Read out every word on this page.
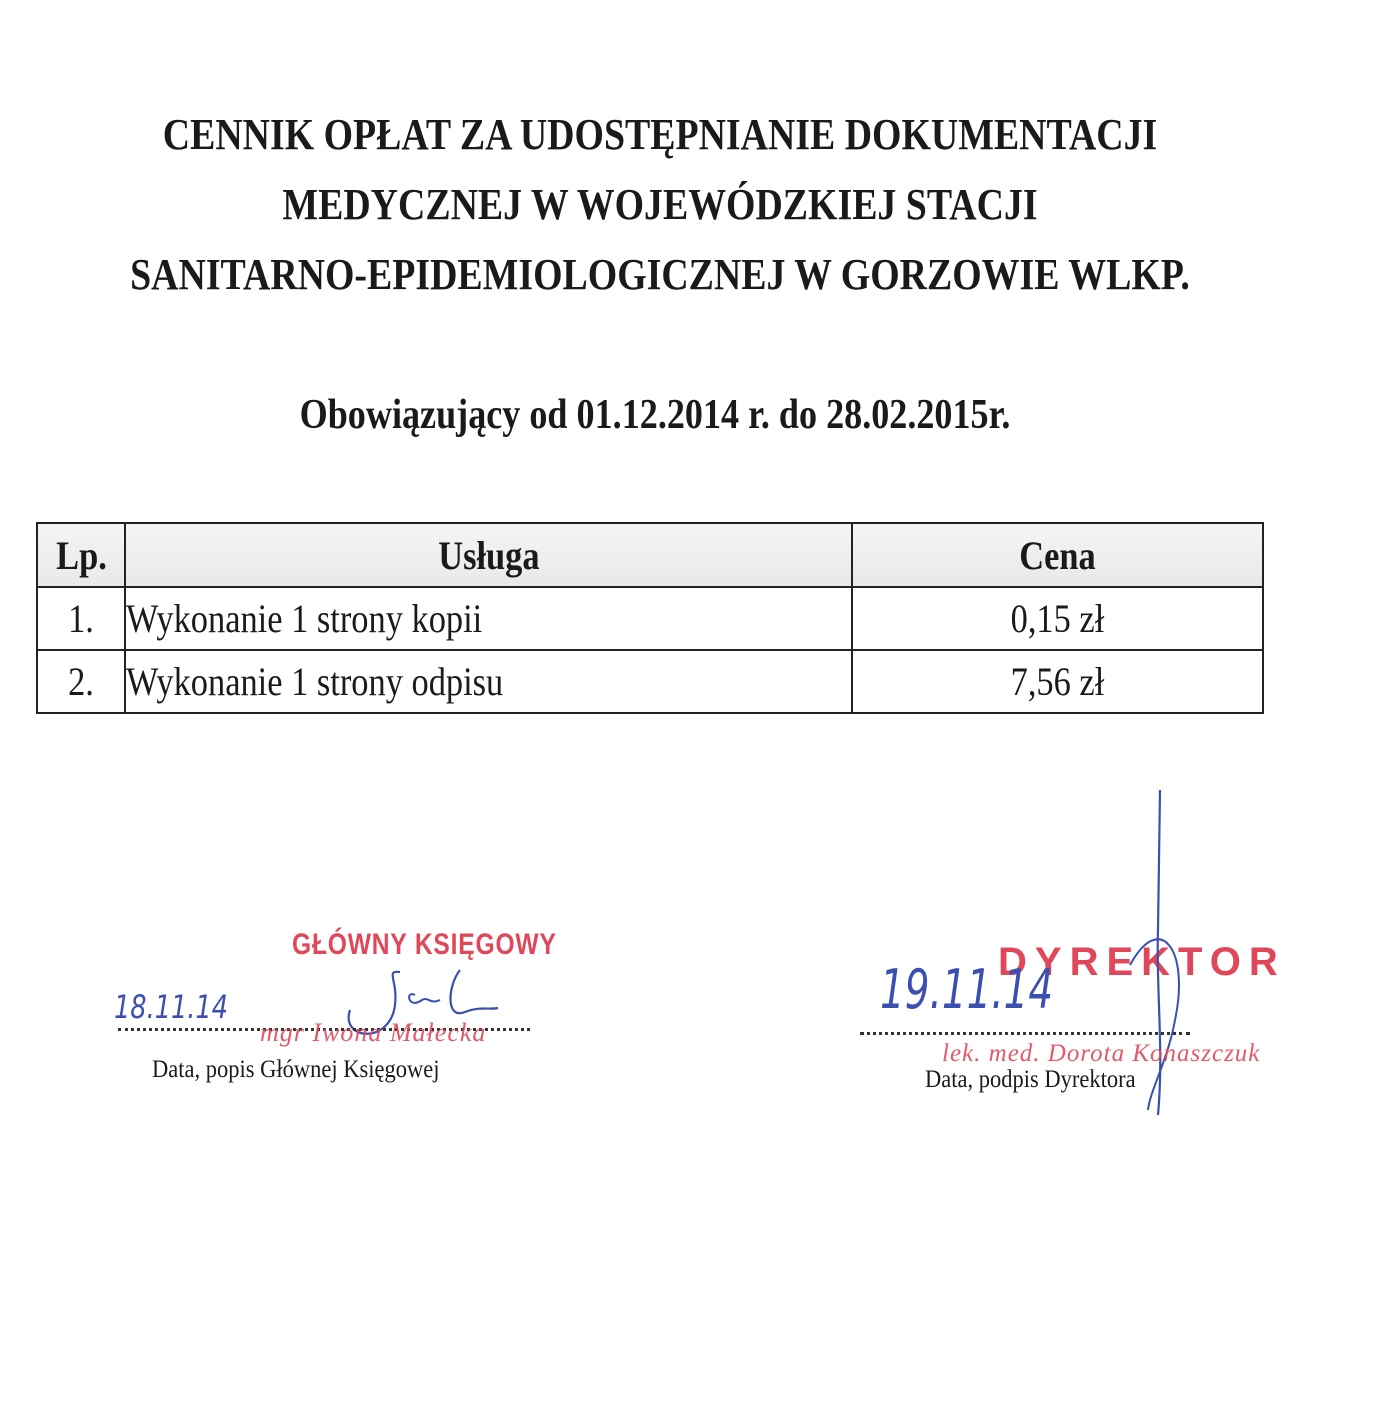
CENNIK OPŁAT ZA UDOSTĘPNIANIE DOKUMENTACJI
MEDYCZNEJ W WOJEWÓDZKIEJ STACJI
SANITARNO-EPIDEMIOLOGICZNEJ W GORZOWIE WLKP.
Obowiązujący od 01.12.2014 r. do 28.02.2015r.
Lp.	Usługa	Cena
1.	Wykonanie 1 strony kopii	0,15 zł
2.	Wykonanie 1 strony odpisu	7,56 zł
GŁÓWNY KSIĘGOWY
18.11.14
mgr Iwona Małecka
Data, popis Głównej Księgowej
DYREKTOR
19.11.14
lek. med. Dorota Konaszczuk
Data, podpis Dyrektora
